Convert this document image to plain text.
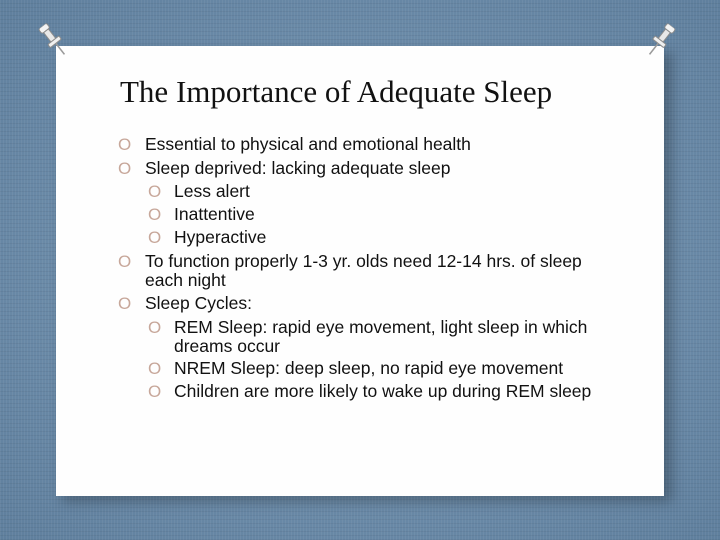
The Importance of Adequate Sleep
O Essential to physical and emotional health
O Sleep deprived: lacking adequate sleep
O Less alert
O Inattentive
O Hyperactive
O To function properly 1-3 yr. olds need 12-14 hrs. of sleep each night
O Sleep Cycles:
O REM Sleep: rapid eye movement, light sleep in which dreams occur
O NREM Sleep: deep sleep, no rapid eye movement
O Children are more likely to wake up during REM sleep
